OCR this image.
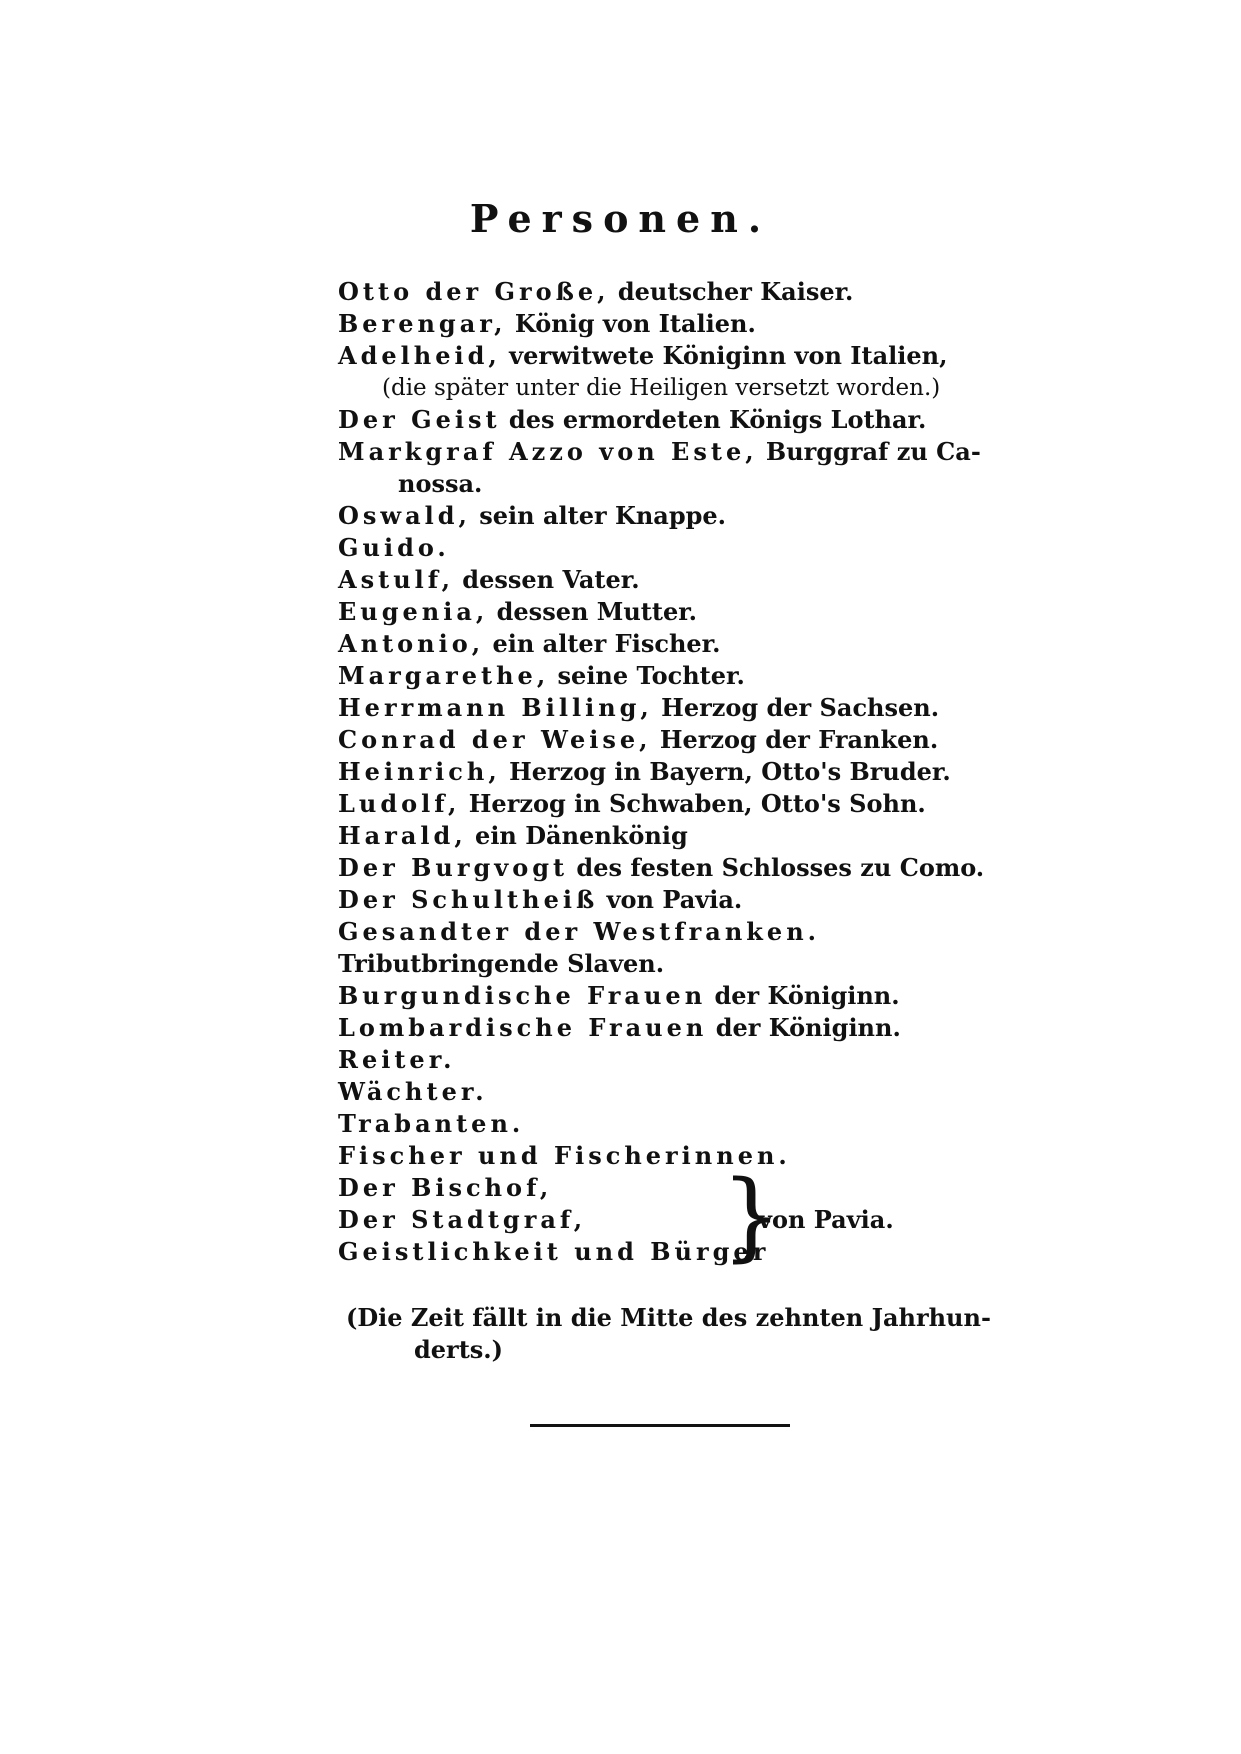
Personen.
Otto der Große, deutscher Kaiser.
Berengar, König von Italien.
Adelheid, verwitwete Königinn von Italien,
(die später unter die Heiligen versetzt worden.)
Der Geist des ermordeten Königs Lothar.
Markgraf Azzo von Este, Burggraf zu Ca-
nossa.
Oswald, sein alter Knappe.
Guido.
Astulf, dessen Vater.
Eugenia, dessen Mutter.
Antonio, ein alter Fischer.
Margarethe, seine Tochter.
Herrmann Billing, Herzog der Sachsen.
Conrad der Weise, Herzog der Franken.
Heinrich, Herzog in Bayern, Otto's Bruder.
Ludolf, Herzog in Schwaben, Otto's Sohn.
Harald, ein Dänenkönig
Der Burgvogt des festen Schlosses zu Como.
Der Schultheiß von Pavia.
Gesandter der Westfranken.
Tributbringende Slaven.
Burgundische Frauen der Königinn.
Lombardische Frauen der Königinn.
Reiter.
Wächter.
Trabanten.
Fischer und Fischerinnen.
Der Bischof,
Der Stadtgraf,
Geistlichkeit und Bürger
}
von Pavia.
(Die Zeit fällt in die Mitte des zehnten Jahrhun-
derts.)
